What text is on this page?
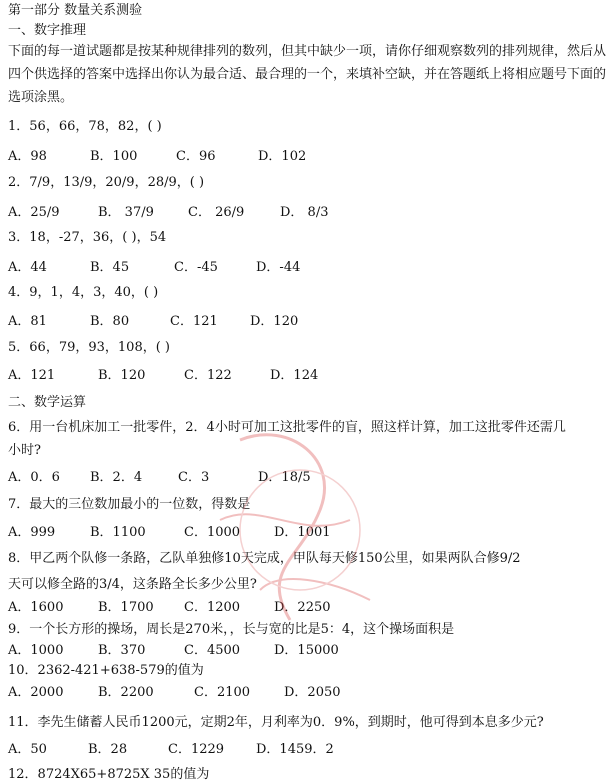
第一部分 数量关系测验
一、数字推理
下面的每一道试题都是按某种规律排列的数列，但其中缺少一项，请你仔细观察数列的排列规律，然后从四个供选择的答案中选择出你认为最合适、最合理的一个，来填补空缺，并在答题纸上将相应题号下面的选项涂黑。
1．56，66，78，82，( )
A．98	B．100	C．96	D．102
2．7/9，13/9，20/9，28/9，( )
A．25/9	B． 37/9	C． 26/9	D． 8/3
3．18，-27，36，( )，54
A．44	B．45	C．-45	D．-44
4．9，1，4，3，40，( )
A．81	B．80	C．121 D．120
5．66，79，93，108，( )
A．121	B．120	C．122	D．124
二、数学运算
6．用一台机床加工一批零件，2．4小时可加工这批零件的盲，照这样计算，加工这批零件还需几
小时?
A．0．6 B．2．4	C．3	D．18/5
7．最大的三位数加最小的一位数，得数是
A．999	B．1100	C．1000	D．1001
8．甲乙两个队修一条路，乙队单独修10天完成，甲队每天修150公里，如果两队合修9/2
天可以修全路的3/4，这条路全长多少公里?
A．1600	B．1700 C．1200	D．2250
9．一个长方形的操场，周长是270米，，长与宽的比是5：4，这个操场面积是
A．1000	B．370	C．4500	D．15000
10．2362-421+638-579的值为
A．2000	B．2200	C．2100	D．2050
11．李先生储蓄人民币1200元，定期2年，月利率为0．9%，到期时，他可得到本息多少元?
A．50	B．28	C．1229 D．1459．2
12．8724X65+8725X 35的值为
